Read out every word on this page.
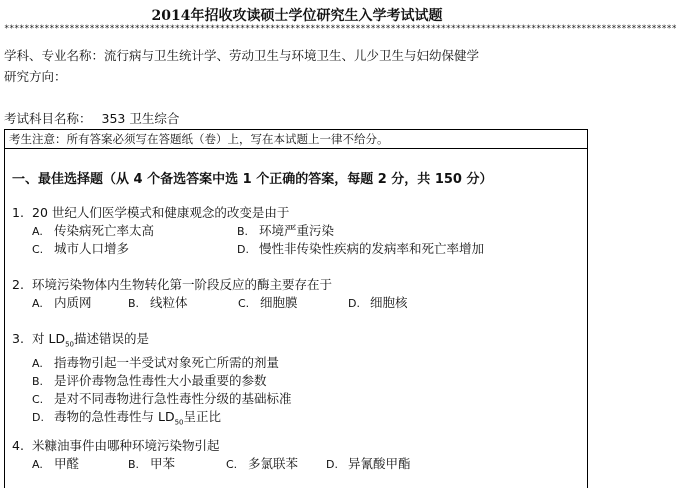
2014年招收攻读硕士学位研究生入学考试试题
**************************************************************************************************************************************
学科、专业名称：流行病与卫生统计学、劳动卫生与环境卫生、儿少卫生与妇幼保健学
研究方向：
考试科目名称： 353 卫生综合
考生注意：所有答案必须写在答题纸（卷）上，写在本试题上一律不给分。
一、最佳选择题（从 4 个备选答案中选 1 个正确的答案，每题 2 分，共 150 分）
1. 20 世纪人们医学模式和健康观念的改变是由于
A. 传染病死亡率太高	B. 环境严重污染
C. 城市人口增多	D. 慢性非传染性疾病的发病率和死亡率增加
2. 环境污染物体内生物转化第一阶段反应的酶主要存在于
A. 内质网	B. 线粒体	C. 细胞膜	D. 细胞核
3. 对 $LD_{50}$描述错误的是
A. 指毒物引起一半受试对象死亡所需的剂量
B. 是评价毒物急性毒性大小最重要的参数
C. 是对不同毒物进行急性毒性分级的基础标准
D. 毒物的急性毒性与 $LD_{50}$呈正比
4. 米糠油事件由哪种环境污染物引起
A. 甲醛	B. 甲苯	C. 多氯联苯	D. 异氰酸甲酯
